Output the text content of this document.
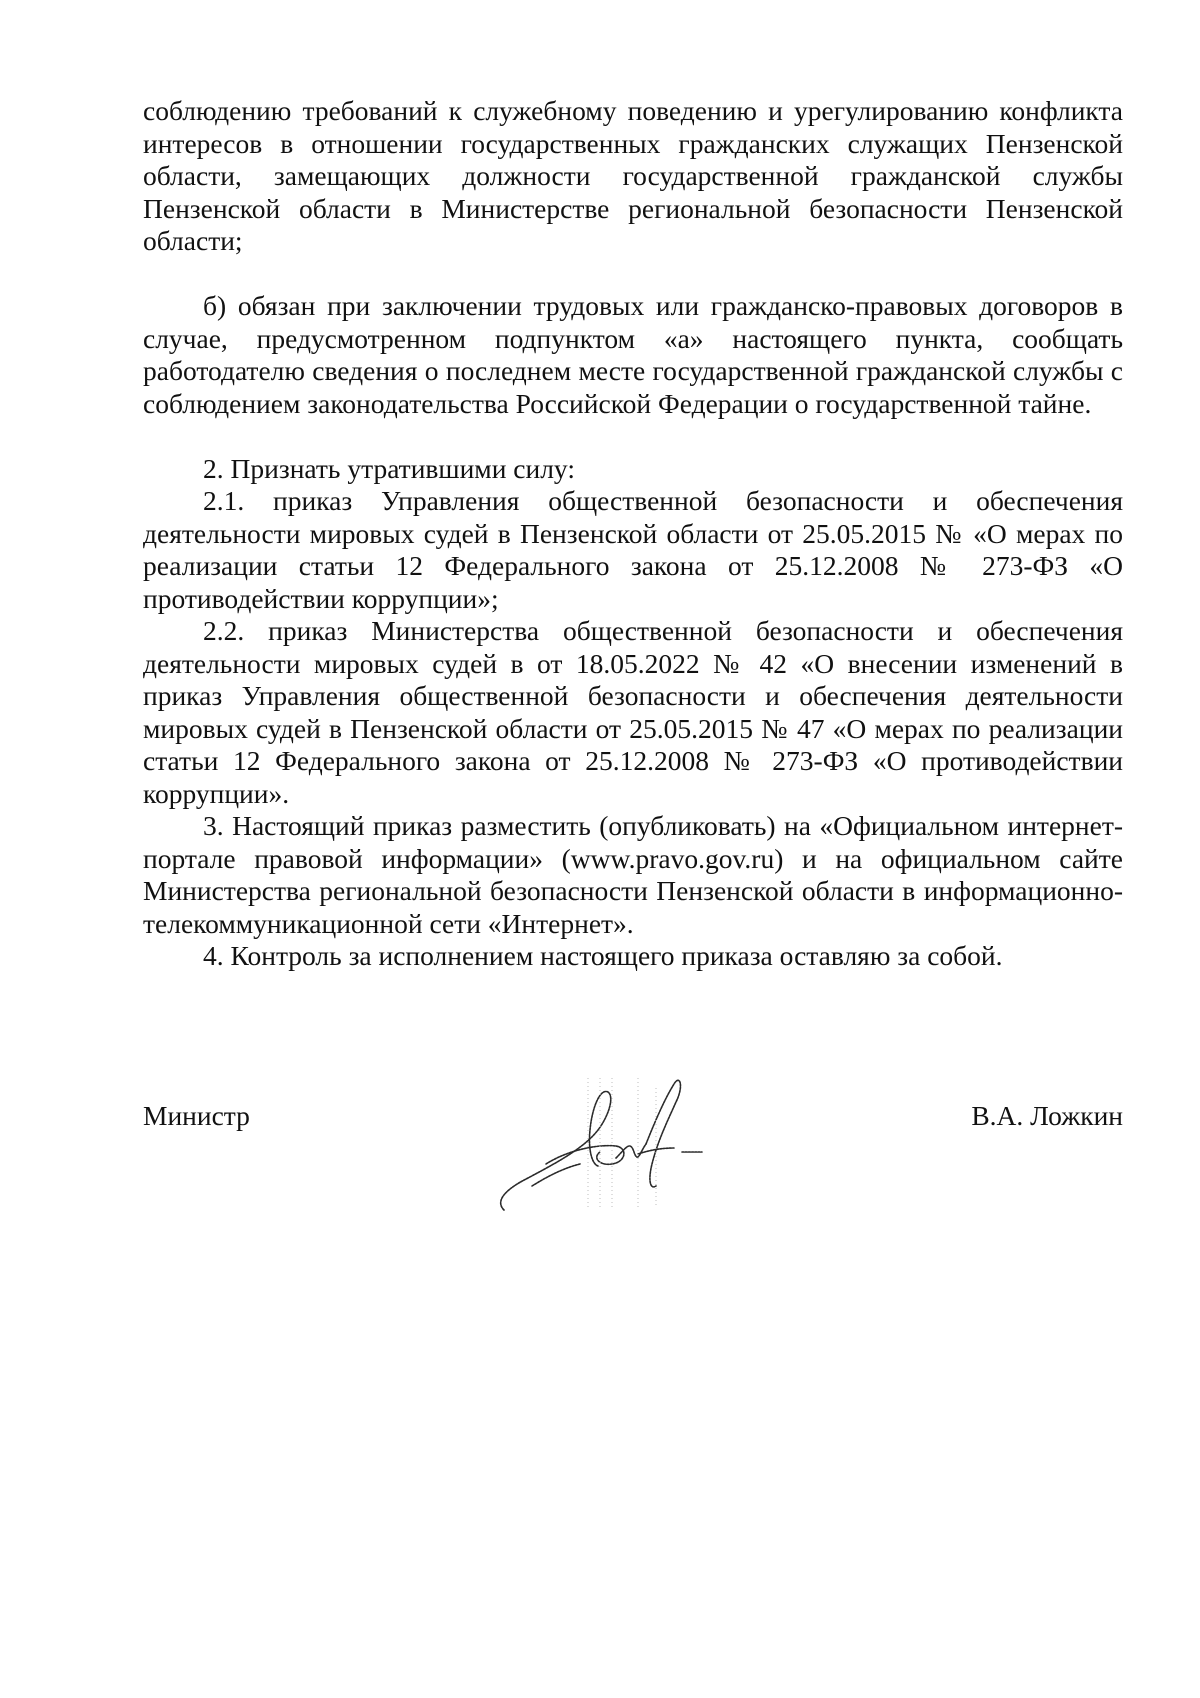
соблюдению требований к служебному поведению и урегулированию конфликта интересов в отношении государственных гражданских служащих Пензенской области, замещающих должности государственной гражданской службы Пензенской области в Министерстве региональной безопасности Пензенской области;

б) обязан при заключении трудовых или гражданско-правовых договоров в случае, предусмотренном подпунктом «а» настоящего пункта, сообщать работодателю сведения о последнем месте государственной гражданской службы с соблюдением законодательства Российской Федерации о государственной тайне.

2. Признать утратившими силу:

2.1. приказ Управления общественной безопасности и обеспечения деятельности мировых судей в Пензенской области от 25.05.2015 № «О мерах по реализации статьи 12 Федерального закона от 25.12.2008 № 273-ФЗ «О противодействии коррупции»;

2.2. приказ Министерства общественной безопасности и обеспечения деятельности мировых судей в от 18.05.2022 № 42 «О внесении изменений в приказ Управления общественной безопасности и обеспечения деятельности мировых судей в Пензенской области от 25.05.2015 № 47 «О мерах по реализации статьи 12 Федерального закона от 25.12.2008 № 273-ФЗ «О противодействии коррупции».

3. Настоящий приказ разместить (опубликовать) на «Официальном интернет-портале правовой информации» (www.pravo.gov.ru) и на официальном сайте Министерства региональной безопасности Пензенской области в информационно-телекоммуникационной сети «Интернет».

4. Контроль за исполнением настоящего приказа оставляю за собой.

Министр	В.А. Ложкин
